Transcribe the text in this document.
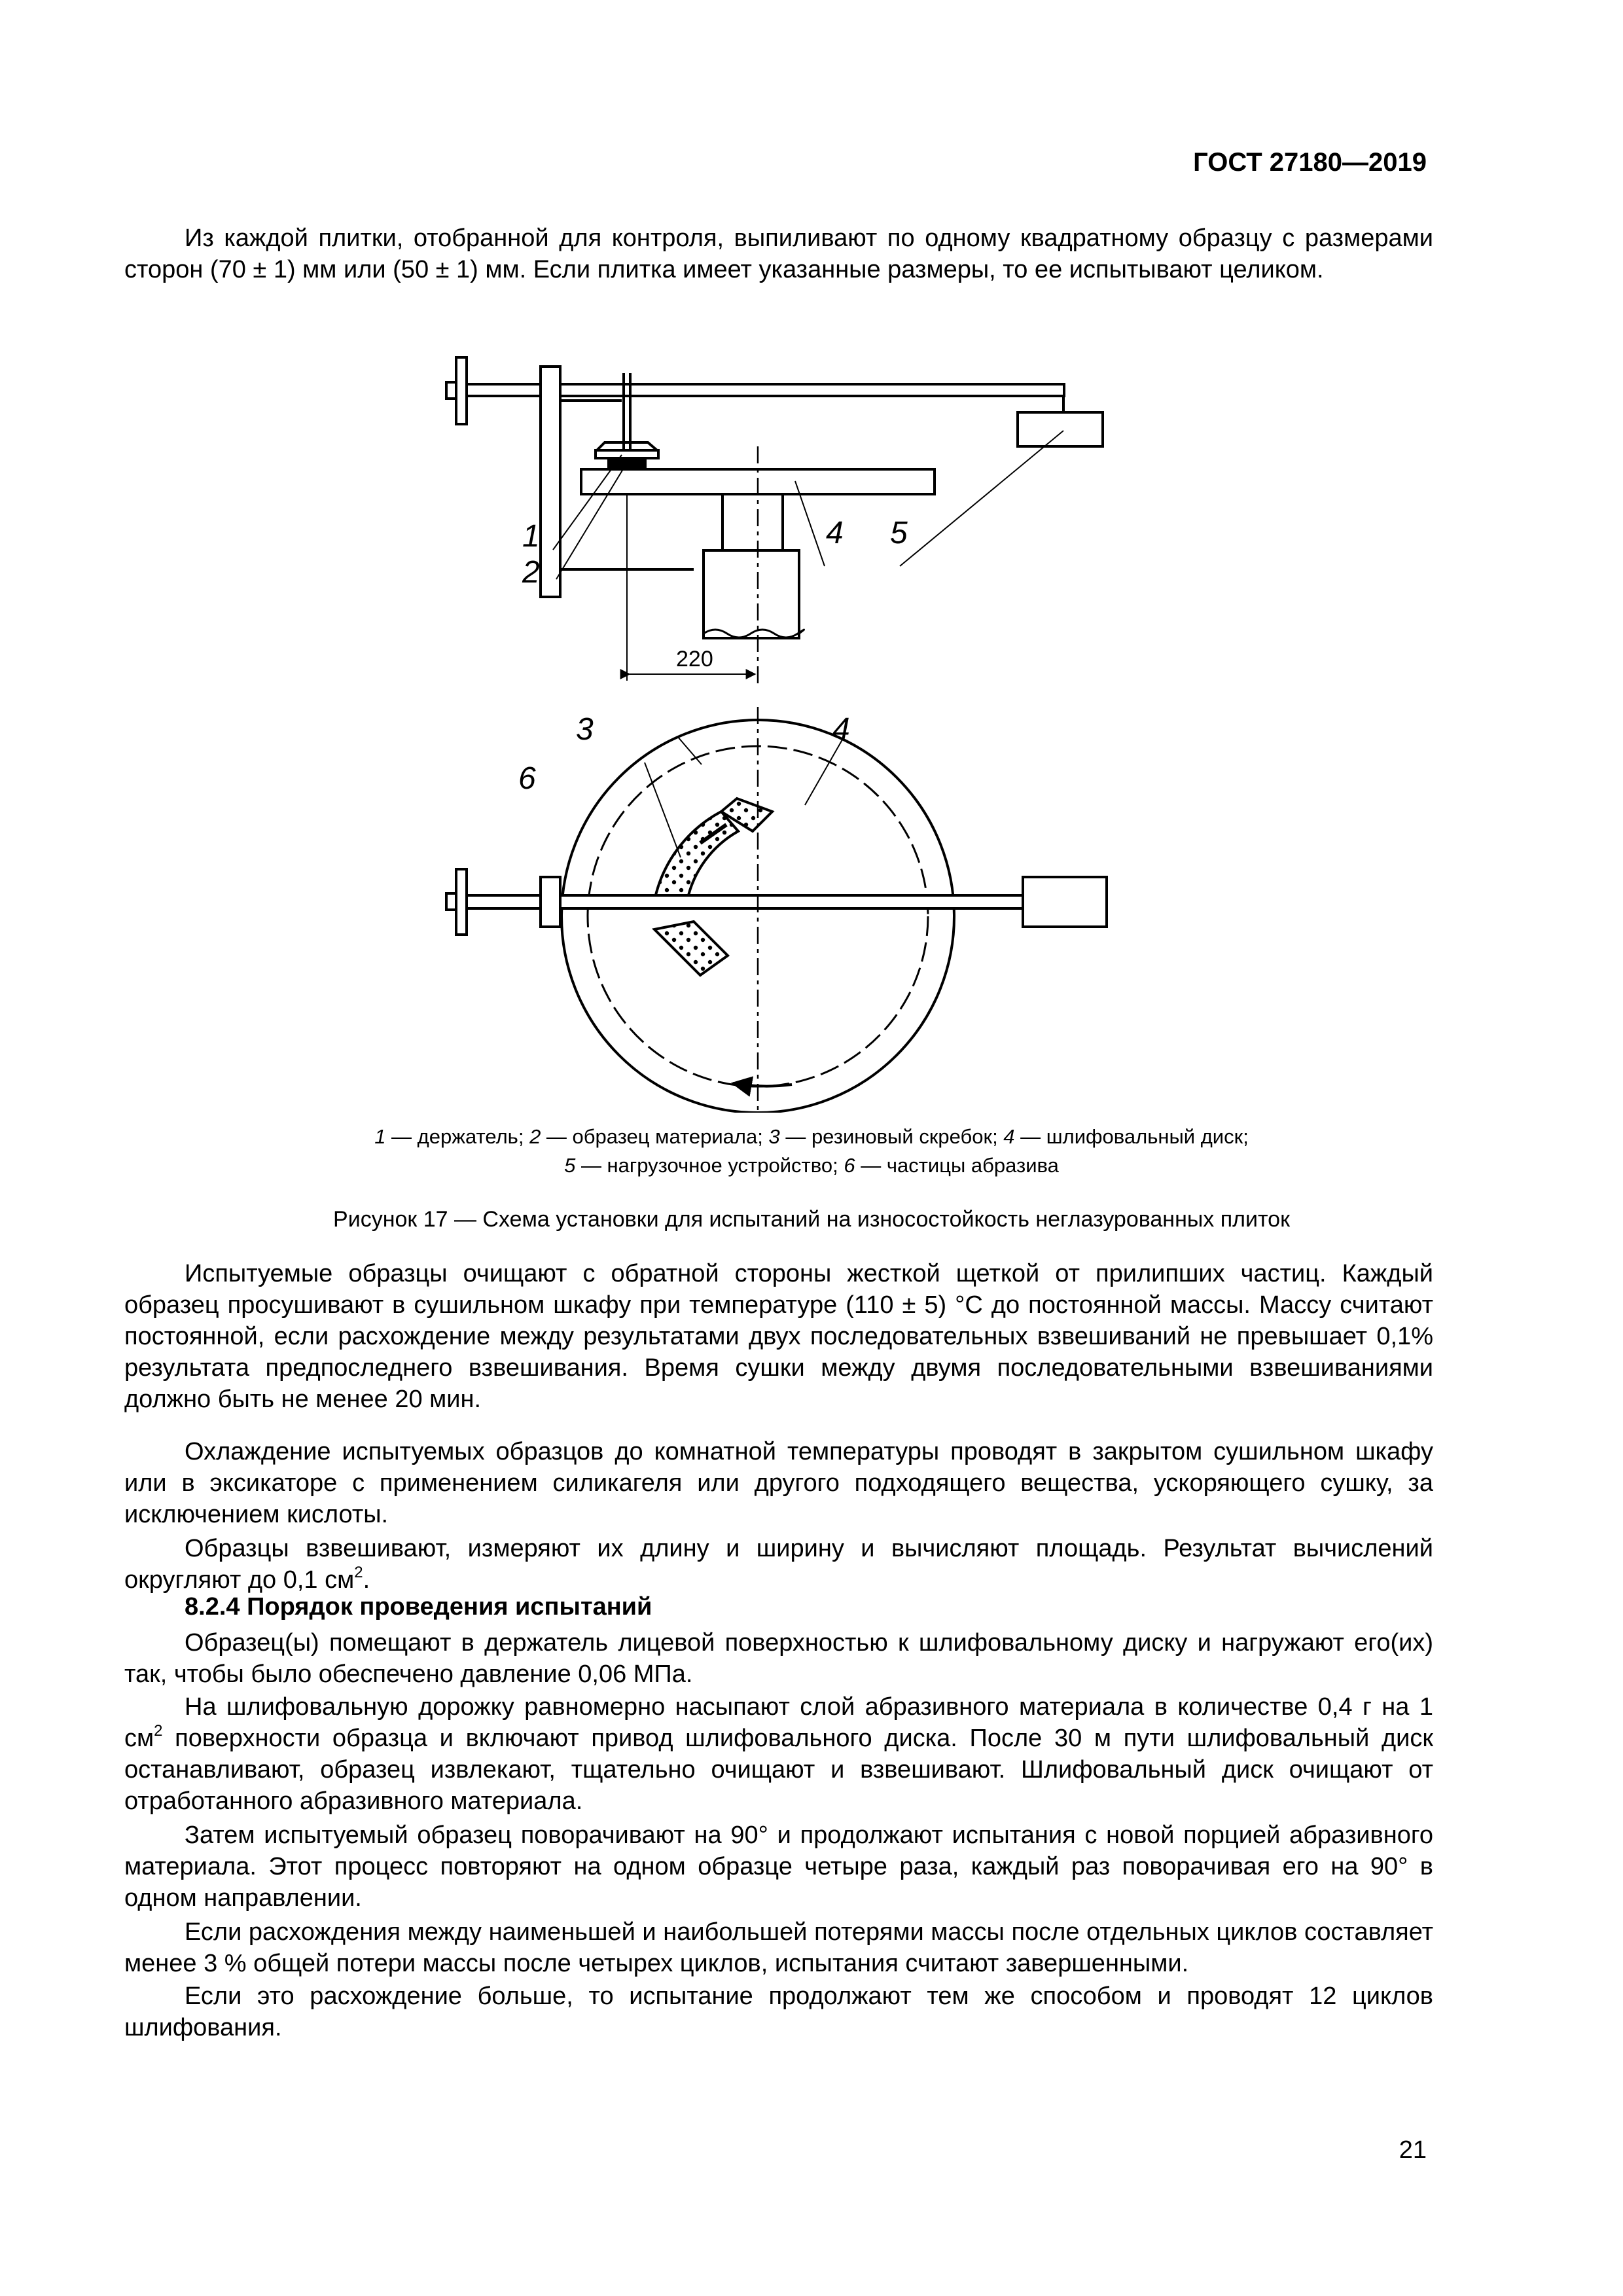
ГОСТ 27180—2019

Из каждой плитки, отобранной для контроля, выпиливают по одному квадратному образцу с размерами сторон (70 ± 1) мм или (50 ± 1) мм. Если плитка имеет указанные размеры, то ее испытывают целиком.

1
2
4 5
220
3
6
4
1 — держатель; 2 — образец материала; 3 — резиновый скребок; 4 — шлифовальный диск;
5 — нагрузочное устройство; 6 — частицы абразива
Рисунок 17 — Схема установки для испытаний на износостойкость неглазурованных плиток

Испытуемые образцы очищают с обратной стороны жесткой щеткой от прилипших частиц. Каждый образец просушивают в сушильном шкафу при температуре (110 ± 5) °С до постоянной массы. Массу считают постоянной, если расхождение между результатами двух последовательных взвешиваний не превышает 0,1% результата предпоследнего взвешивания. Время сушки между двумя последовательными взвешиваниями должно быть не менее 20 мин.

Охлаждение испытуемых образцов до комнатной температуры проводят в закрытом сушильном шкафу или в эксикаторе с применением силикагеля или другого подходящего вещества, ускоряющего сушку, за исключением кислоты.

Образцы взвешивают, измеряют их длину и ширину и вычисляют площадь. Результат вычислений округляют до 0,1 $см^2$.

8.2.4 Порядок проведения испытаний

Образец(ы) помещают в держатель лицевой поверхностью к шлифовальному диску и нагружают его(их) так, чтобы было обеспечено давление 0,06 МПа.

На шлифовальную дорожку равномерно насыпают слой абразивного материала в количестве 0,4 г на 1 $см^2$ поверхности образца и включают привод шлифовального диска. После 30 м пути шлифовальный диск останавливают, образец извлекают, тщательно очищают и взвешивают. Шлифовальный диск очищают от отработанного абразивного материала.

Затем испытуемый образец поворачивают на 90° и продолжают испытания с новой порцией абразивного материала. Этот процесс повторяют на одном образце четыре раза, каждый раз поворачивая его на 90° в одном направлении.

Если расхождения между наименьшей и наибольшей потерями массы после отдельных циклов составляет менее 3 % общей потери массы после четырех циклов, испытания считают завершенными.

Если это расхождение больше, то испытание продолжают тем же способом и проводят 12 циклов шлифования.

21
